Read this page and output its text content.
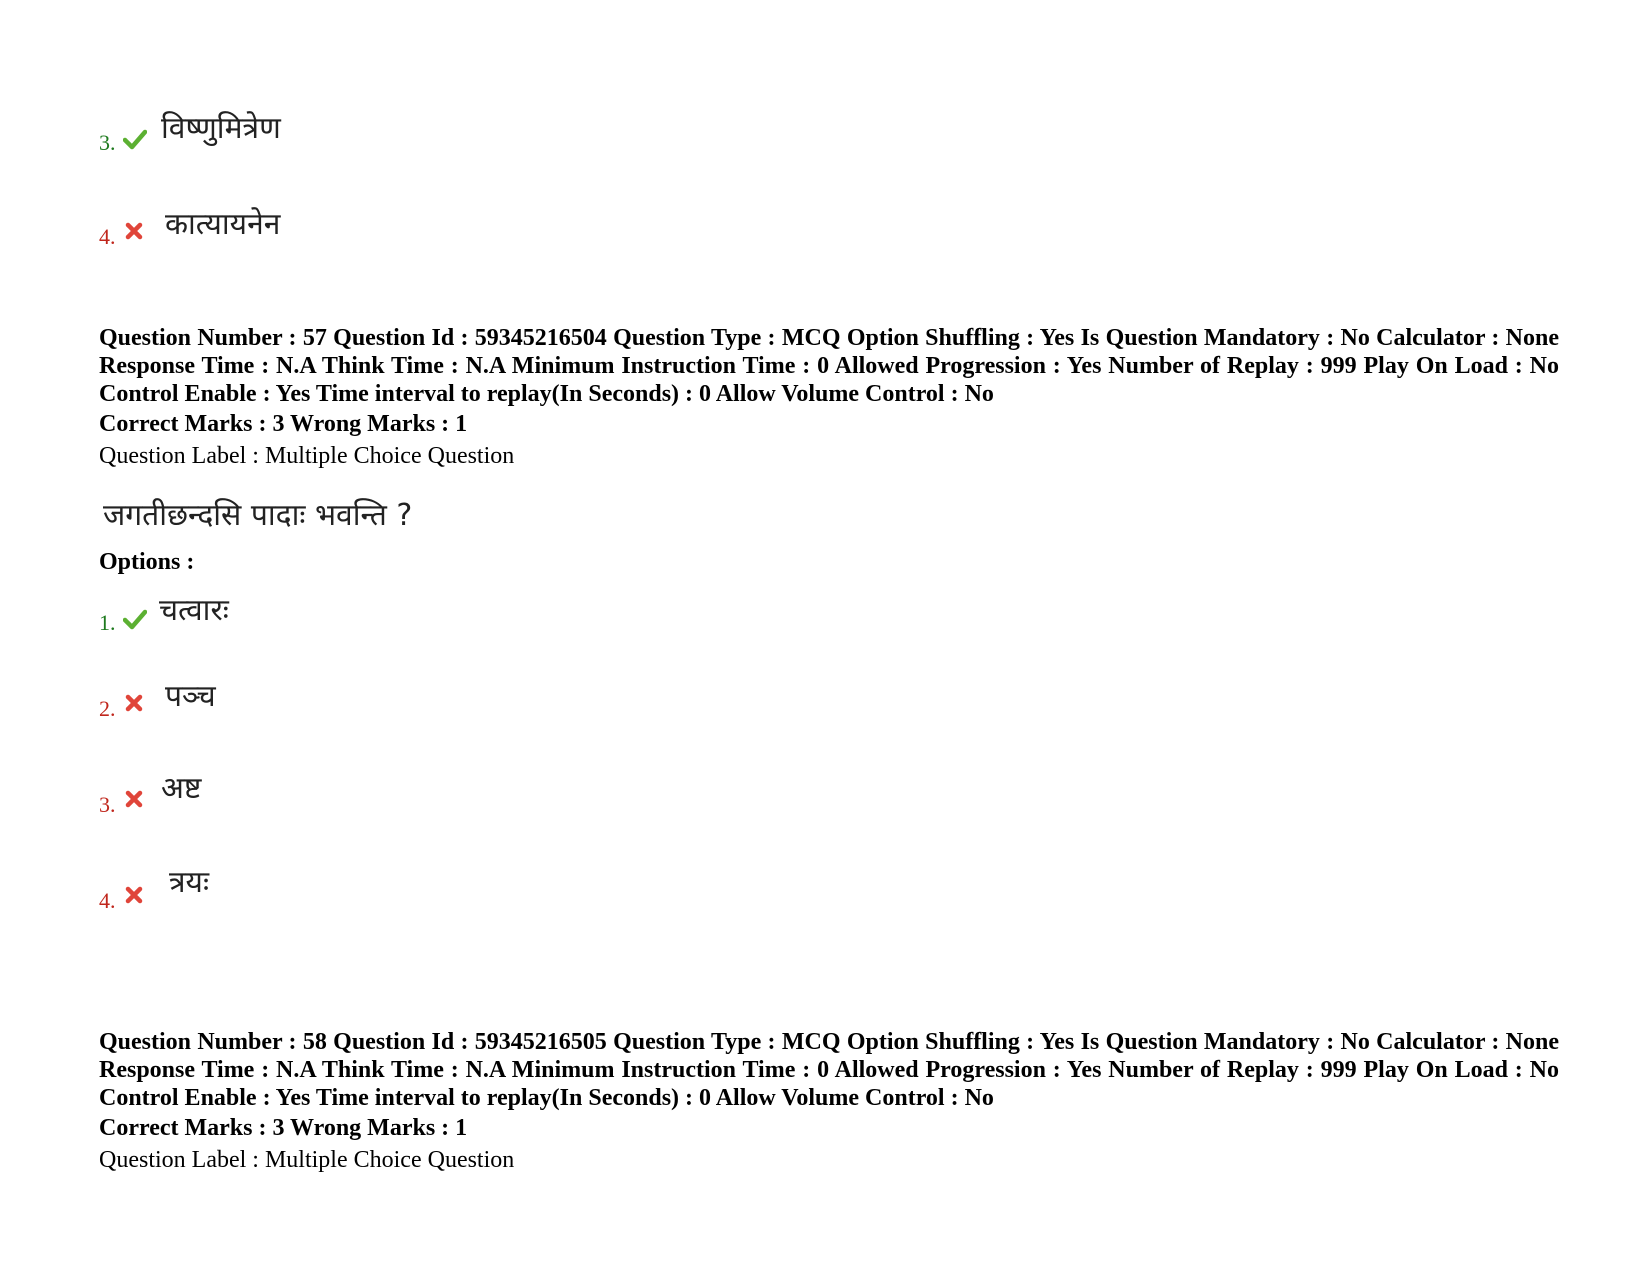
3. विष्णुमित्रेण
4. कात्यायनेन
Question Number : 57 Question Id : 59345216504 Question Type : MCQ Option Shuffling : Yes Is Question Mandatory : No Calculator : None Response Time : N.A Think Time : N.A Minimum Instruction Time : 0 Allowed Progression : Yes Number of Replay : 999 Play On Load : No Control Enable : Yes Time interval to replay(In Seconds) : 0 Allow Volume Control : No
Correct Marks : 3 Wrong Marks : 1
Question Label : Multiple Choice Question
जगतीछन्दसि पादाः भवन्ति ?
Options :
1. चत्वारः
2. पञ्च
3. अष्ट
4.
त्रयः
Question Number : 58 Question Id : 59345216505 Question Type : MCQ Option Shuffling : Yes Is Question Mandatory : No Calculator : None Response Time : N.A Think Time : N.A Minimum Instruction Time : 0 Allowed Progression : Yes Number of Replay : 999 Play On Load : No Control Enable : Yes Time interval to replay(In Seconds) : 0 Allow Volume Control : No
Correct Marks : 3 Wrong Marks : 1
Question Label : Multiple Choice Question
